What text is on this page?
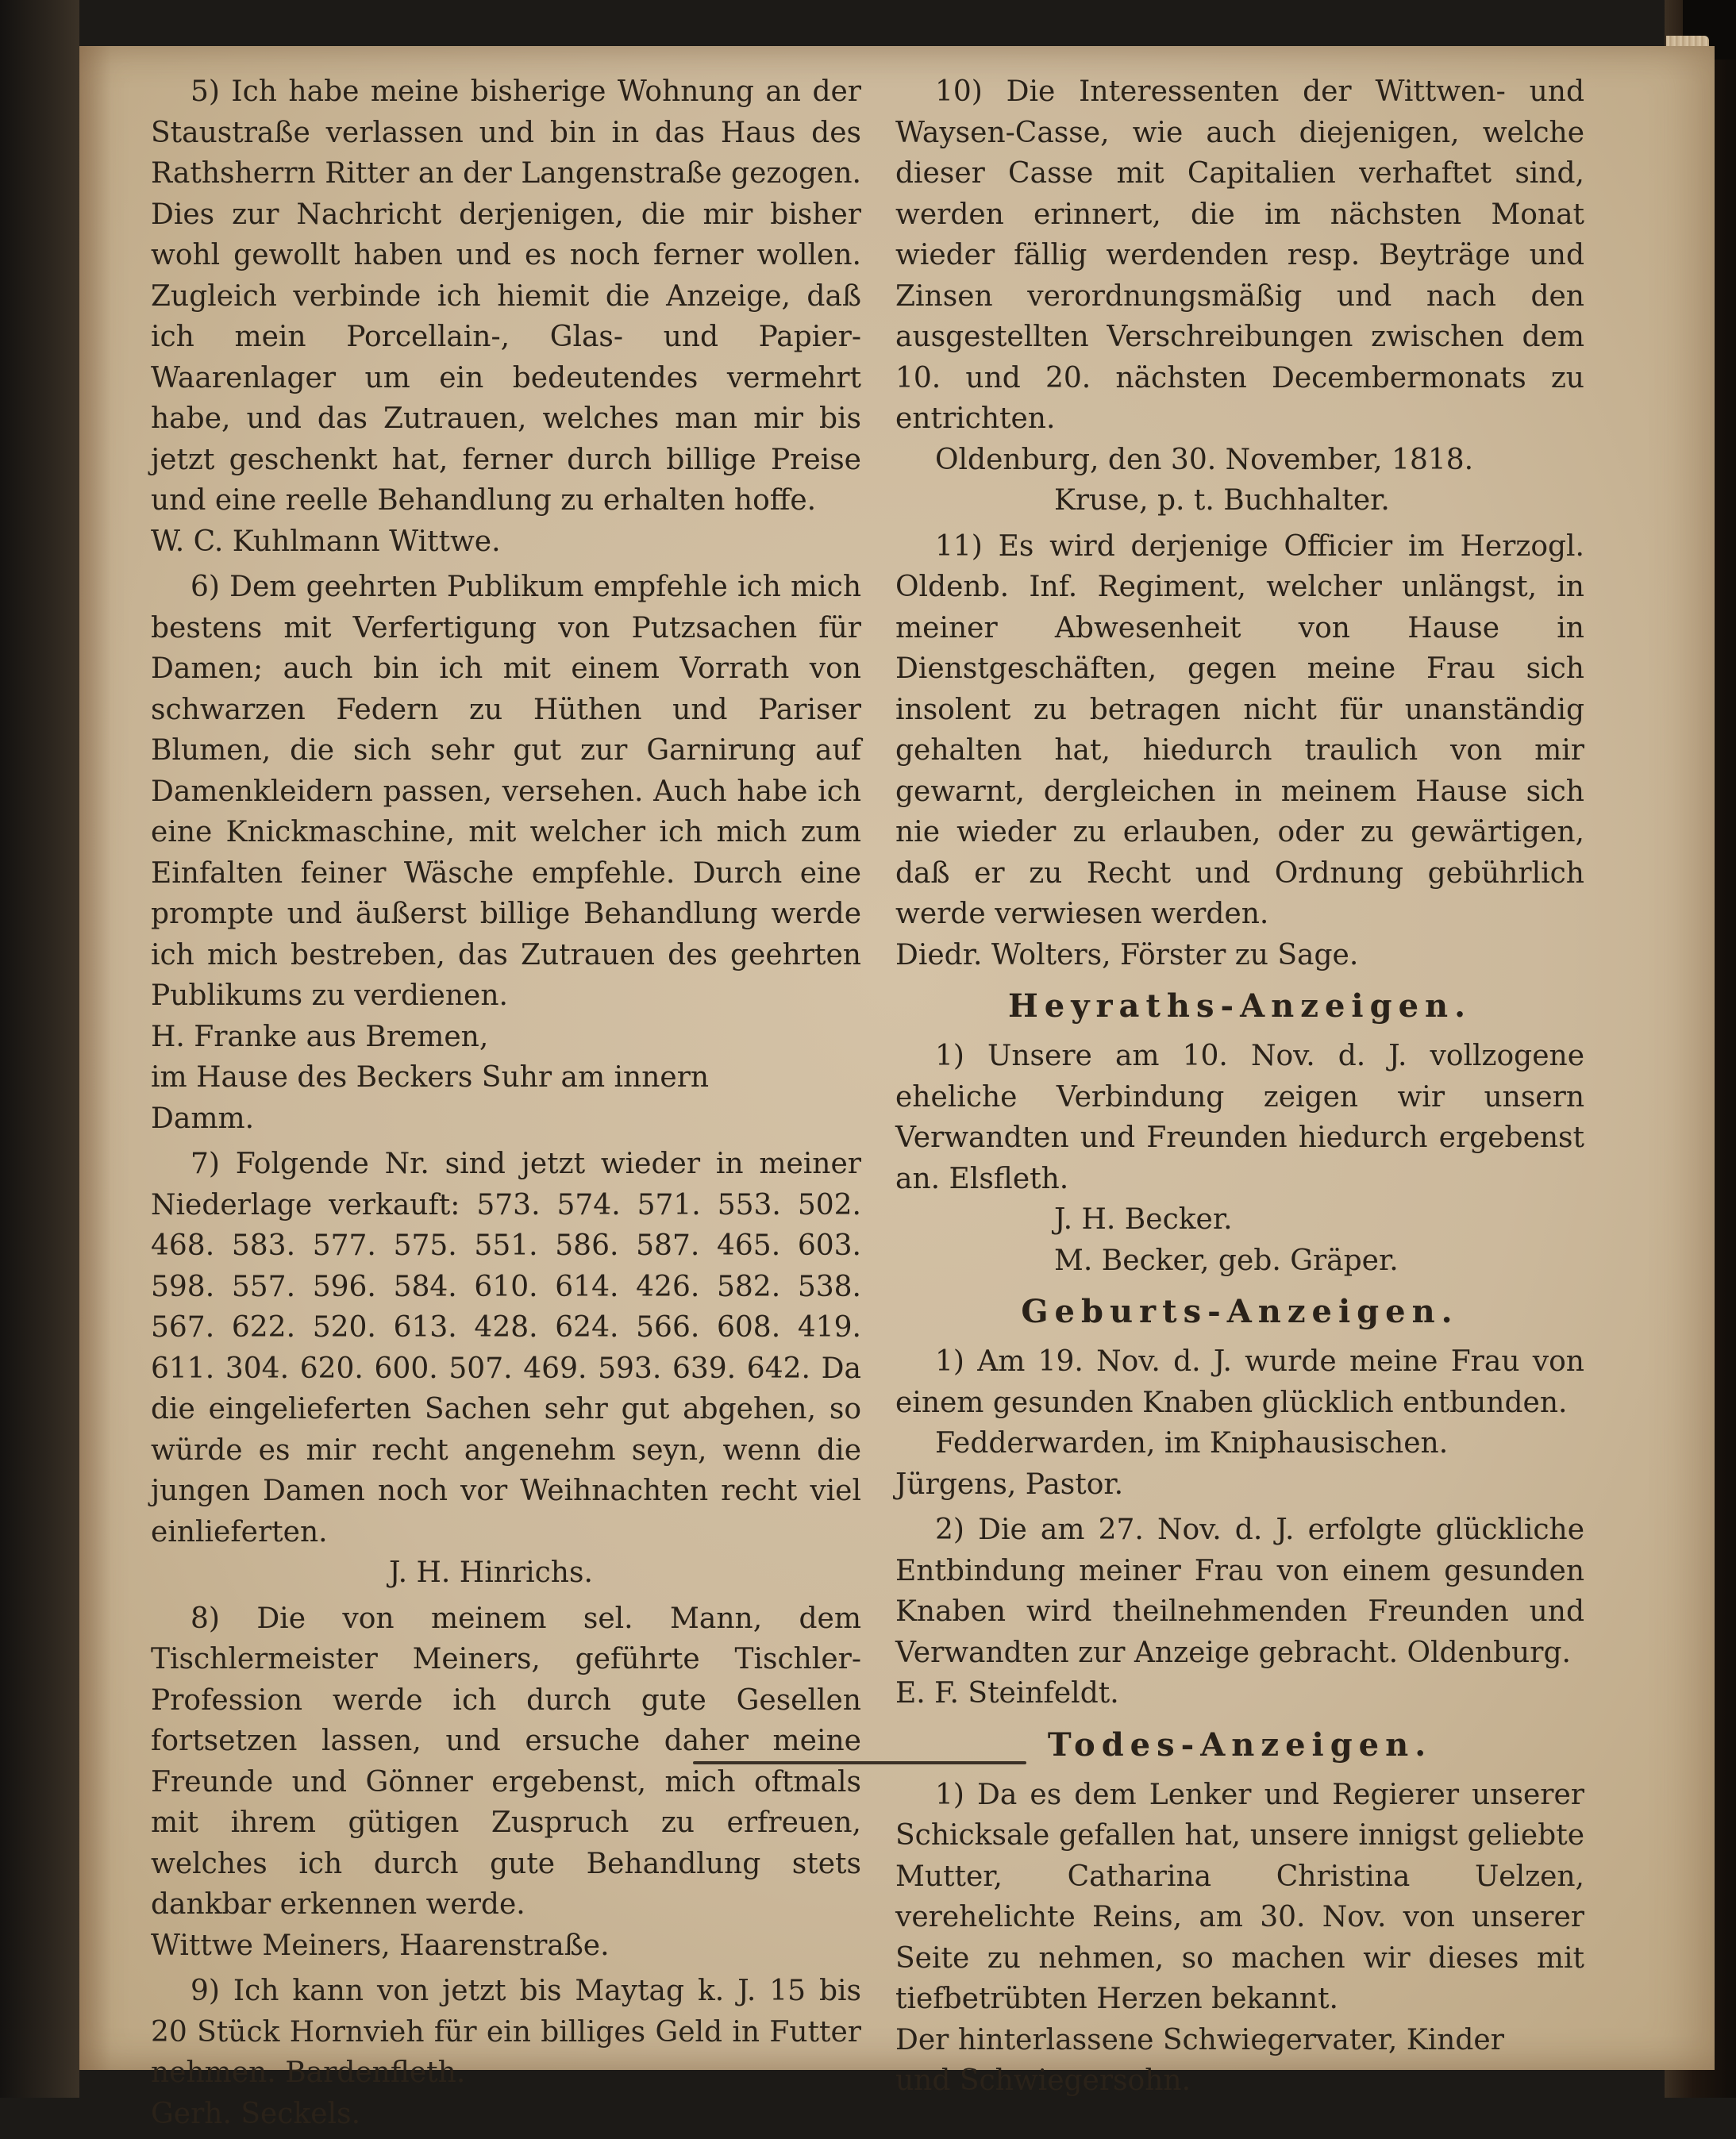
5) Ich habe meine bisherige Wohnung an der Staustraße verlassen und bin in das Haus des Rathsherrn Ritter an der Langenstraße gezogen. Dies zur Nachricht derjenigen, die mir bisher wohl gewollt haben und es noch ferner wollen. Zugleich verbinde ich hiemit die Anzeige, daß ich mein Porcellain-, Glas- und Papier-Waarenlager um ein bedeutendes vermehrt habe, und das Zutrauen, welches man mir bis jetzt geschenkt hat, ferner durch billige Preise und eine reelle Behandlung zu erhalten hoffe.

W. C. Kuhlmann Wittwe.

6) Dem geehrten Publikum empfehle ich mich bestens mit Verfertigung von Putzsachen für Damen; auch bin ich mit einem Vorrath von schwarzen Federn zu Hüthen und Pariser Blumen, die sich sehr gut zur Garnirung auf Damenkleidern passen, versehen. Auch habe ich eine Knickmaschine, mit welcher ich mich zum Einfalten feiner Wäsche empfehle. Durch eine prompte und äußerst billige Behandlung werde ich mich bestreben, das Zutrauen des geehrten Publikums zu verdienen.

H. Franke aus Bremen,

im Hause des Beckers Suhr am innern

Damm.

7) Folgende Nr. sind jetzt wieder in meiner Niederlage verkauft: 573. 574. 571. 553. 502. 468. 583. 577. 575. 551. 586. 587. 465. 603. 598. 557. 596. 584. 610. 614. 426. 582. 538. 567. 622. 520. 613. 428. 624. 566. 608. 419. 611. 304. 620. 600. 507. 469. 593. 639. 642. Da die eingelieferten Sachen sehr gut abgehen, so würde es mir recht angenehm seyn, wenn die jungen Damen noch vor Weihnachten recht viel einlieferten.

J. H. Hinrichs.

8) Die von meinem sel. Mann, dem Tischlermeister Meiners, geführte Tischler-Profession werde ich durch gute Gesellen fortsetzen lassen, und ersuche daher meine Freunde und Gönner ergebenst, mich oftmals mit ihrem gütigen Zuspruch zu erfreuen, welches ich durch gute Behandlung stets dankbar erkennen werde.

Wittwe Meiners, Haarenstraße.

9) Ich kann von jetzt bis Maytag k. J. 15 bis 20 Stück Hornvieh für ein billiges Geld in Futter nehmen. Bardenfleth.

Gerh. Seckels.

10) Die Interessenten der Wittwen- und Waysen-Casse, wie auch diejenigen, welche dieser Casse mit Capitalien verhaftet sind, werden erinnert, die im nächsten Monat wieder fällig werdenden resp. Beyträge und Zinsen verordnungsmäßig und nach den ausgestellten Verschreibungen zwischen dem 10. und 20. nächsten Decembermonats zu entrichten.

Oldenburg, den 30. November, 1818.

Kruse, p. t. Buchhalter.

11) Es wird derjenige Officier im Herzogl. Oldenb. Inf. Regiment, welcher unlängst, in meiner Abwesenheit von Hause in Dienstgeschäften, gegen meine Frau sich insolent zu betragen nicht für unanständig gehalten hat, hiedurch traulich von mir gewarnt, dergleichen in meinem Hause sich nie wieder zu erlauben, oder zu gewärtigen, daß er zu Recht und Ordnung gebührlich werde verwiesen werden.

Diedr. Wolters, Förster zu Sage.

Heyraths-Anzeigen.

1) Unsere am 10. Nov. d. J. vollzogene eheliche Verbindung zeigen wir unsern Verwandten und Freunden hiedurch ergebenst an. Elsfleth.

J. H. Becker.

M. Becker, geb. Gräper.

Geburts-Anzeigen.

1) Am 19. Nov. d. J. wurde meine Frau von einem gesunden Knaben glücklich entbunden.

Fedderwarden, im Kniphausischen.

Jürgens, Pastor.

2) Die am 27. Nov. d. J. erfolgte glückliche Entbindung meiner Frau von einem gesunden Knaben wird theilnehmenden Freunden und Verwandten zur Anzeige gebracht. Oldenburg.

E. F. Steinfeldt.

Todes-Anzeigen.

1) Da es dem Lenker und Regierer unserer Schicksale gefallen hat, unsere innigst geliebte Mutter, Catharina Christina Uelzen, verehelichte Reins, am 30. Nov. von unserer Seite zu nehmen, so machen wir dieses mit tiefbetrübten Herzen bekannt.

Der hinterlassene Schwiegervater, Kinder

und Schwiegersohn.
